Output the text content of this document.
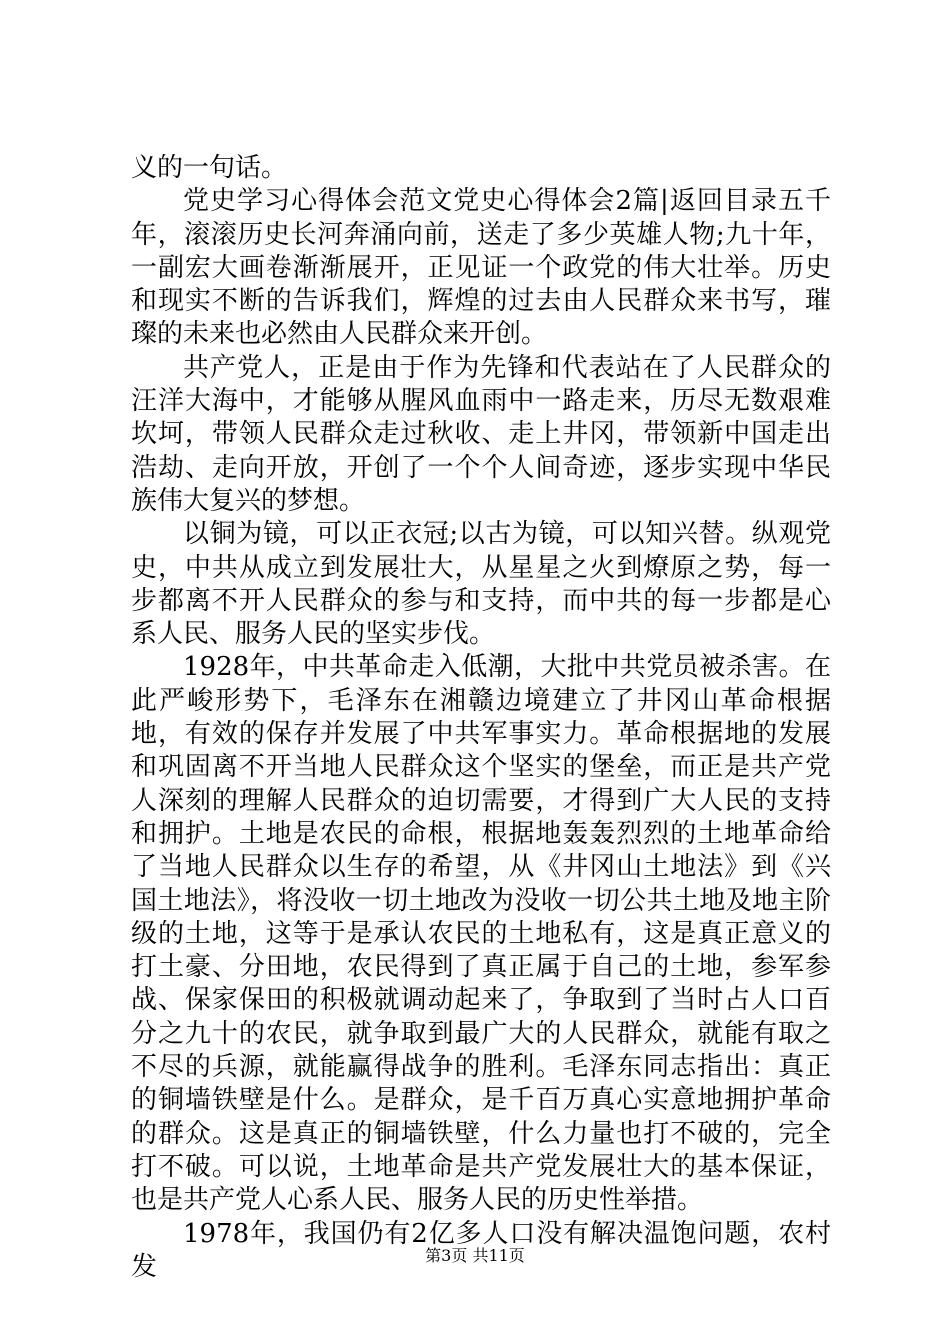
义的一句话。

党史学习心得体会范文党史心得体会2篇|返回目录五千年，滚滚历史长河奔涌向前，送走了多少英雄人物;九十年，一副宏大画卷渐渐展开，正见证一个政党的伟大壮举。历史和现实不断的告诉我们，辉煌的过去由人民群众来书写，璀璨的未来也必然由人民群众来开创。

共产党人，正是由于作为先锋和代表站在了人民群众的汪洋大海中，才能够从腥风血雨中一路走来，历尽无数艰难坎坷，带领人民群众走过秋收、走上井冈，带领新中国走出浩劫、走向开放，开创了一个个人间奇迹，逐步实现中华民族伟大复兴的梦想。

以铜为镜，可以正衣冠;以古为镜，可以知兴替。纵观党史，中共从成立到发展壮大，从星星之火到燎原之势，每一步都离不开人民群众的参与和支持，而中共的每一步都是心系人民、服务人民的坚实步伐。

1928年，中共革命走入低潮，大批中共党员被杀害。在此严峻形势下，毛泽东在湘赣边境建立了井冈山革命根据地，有效的保存并发展了中共军事实力。革命根据地的发展和巩固离不开当地人民群众这个坚实的堡垒，而正是共产党人深刻的理解人民群众的迫切需要，才得到广大人民的支持和拥护。土地是农民的命根，根据地轰轰烈烈的土地革命给了当地人民群众以生存的希望，从《井冈山土地法》到《兴国土地法》，将没收一切土地改为没收一切公共土地及地主阶级的土地，这等于是承认农民的土地私有，这是真正意义的打土豪、分田地，农民得到了真正属于自己的土地，参军参战、保家保田的积极就调动起来了，争取到了当时占人口百分之九十的农民，就争取到最广大的人民群众，就能有取之不尽的兵源，就能赢得战争的胜利。毛泽东同志指出：真正的铜墙铁壁是什么。是群众，是千百万真心实意地拥护革命的群众。这是真正的铜墙铁壁，什么力量也打不破的，完全打不破。可以说，土地革命是共产党发展壮大的基本保证，也是共产党人心系人民、服务人民的历史性举措。

1978年，我国仍有2亿多人口没有解决温饱问题，农村发	第3页 共11页
